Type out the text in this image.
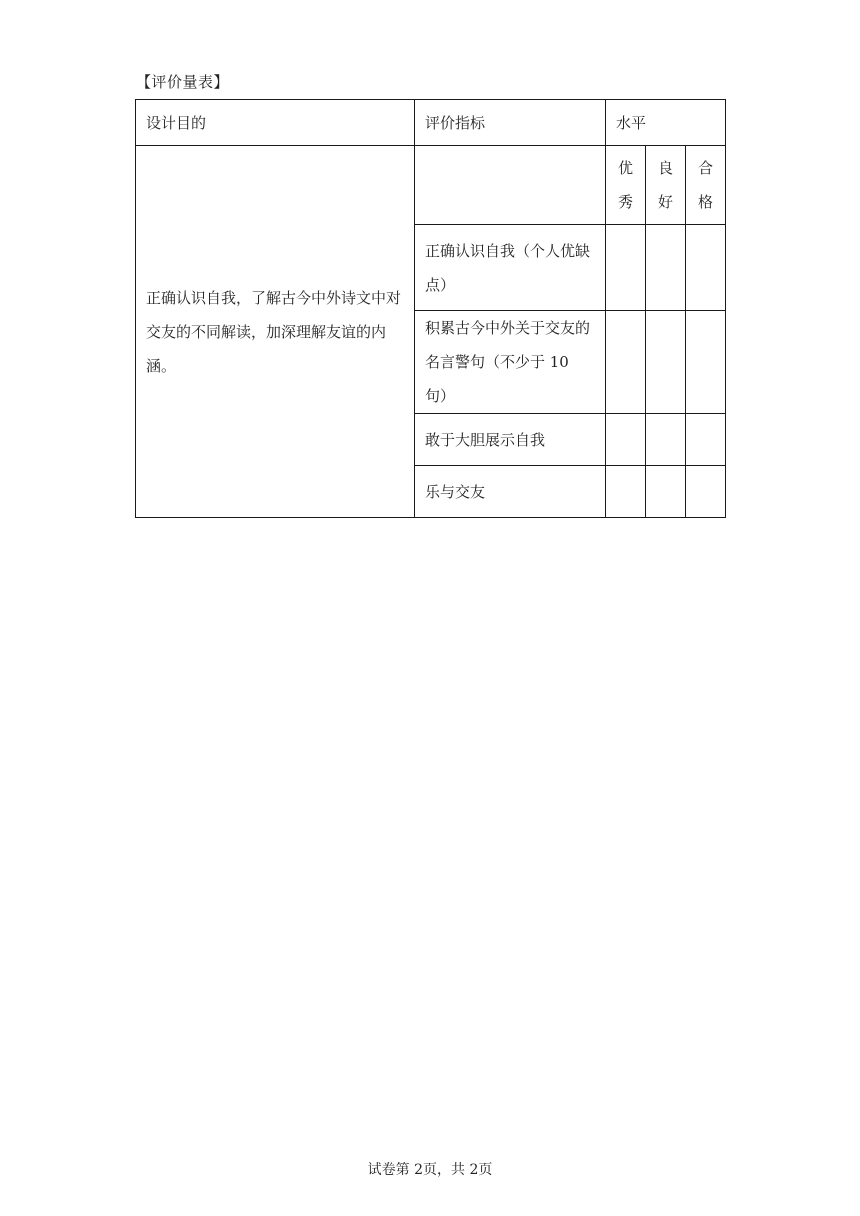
【评价量表】
设计目的	评价指标	水平		
正确认识自我，了解古今中外诗文中对交友的不同解读，加深理解友谊的内涵。		优秀	良好	合格

	正确认识自我（个人优缺点）			
	积累古今中外关于交友的名言警句（不少于 10 句）			
	敢于大胆展示自我			
	乐与交友			
试卷第 2页，共 2页
